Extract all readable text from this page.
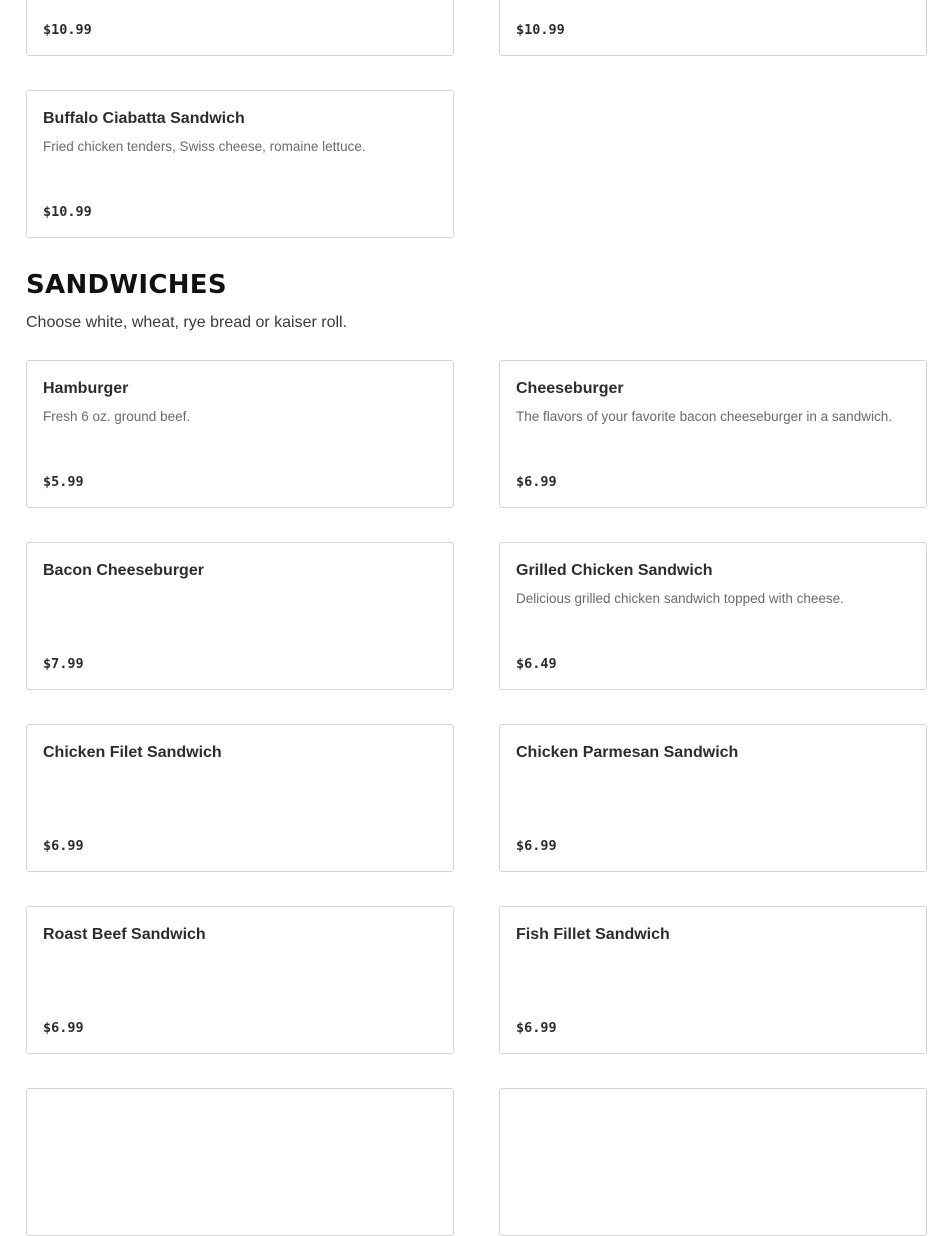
$10.99	$10.99
Buffalo Ciabatta Sandwich
Fried chicken tenders, Swiss cheese, romaine lettuce.
$10.99
SANDWICHES

Choose white, wheat, rye bread or kaiser roll.

Hamburger
Fresh 6 oz. ground beef.
$5.99
Cheeseburger
The flavors of your favorite bacon cheeseburger in a sandwich.
$6.99
Bacon Cheeseburger
$7.99
Grilled Chicken Sandwich
Delicious grilled chicken sandwich topped with cheese.
$6.49
Chicken Filet Sandwich
$6.99
Chicken Parmesan Sandwich
$6.99
Roast Beef Sandwich
$6.99
Fish Fillet Sandwich
$6.99
